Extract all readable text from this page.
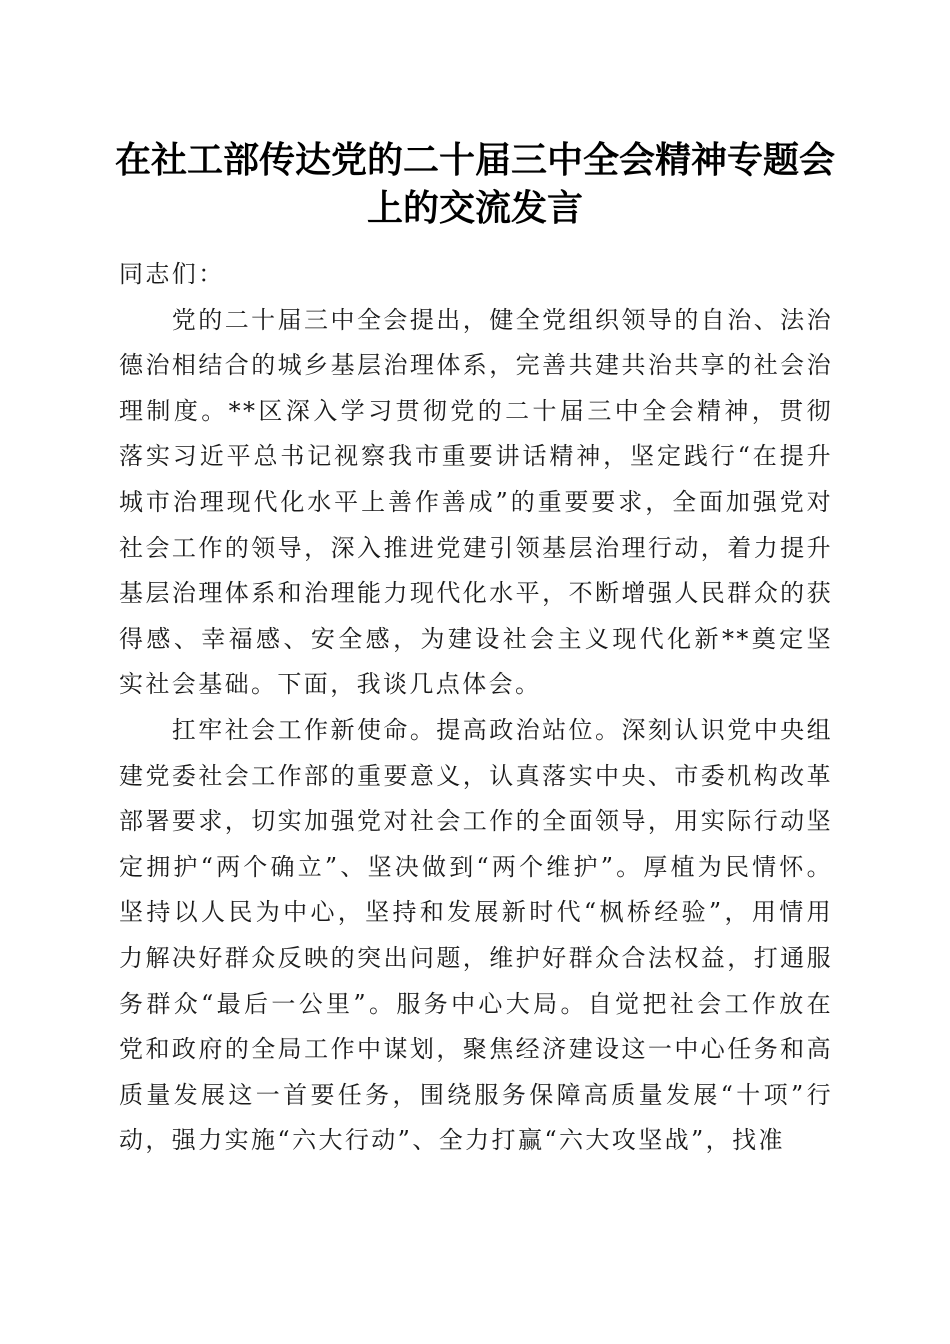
在社工部传达党的二十届三中全会精神专题会
上的交流发言

同志们：

党的二十届三中全会提出，健全党组织领导的自治、法治德治相结合的城乡基层治理体系，完善共建共治共享的社会治理制度。**区深入学习贯彻党的二十届三中全会精神，贯彻落实习近平总书记视察我市重要讲话精神，坚定践行“在提升城市治理现代化水平上善作善成”的重要要求，全面加强党对社会工作的领导，深入推进党建引领基层治理行动，着力提升基层治理体系和治理能力现代化水平，不断增强人民群众的获得感、幸福感、安全感，为建设社会主义现代化新**奠定坚实社会基础。下面，我谈几点体会。

扛牢社会工作新使命。提高政治站位。深刻认识党中央组建党委社会工作部的重要意义，认真落实中央、市委机构改革部署要求，切实加强党对社会工作的全面领导，用实际行动坚定拥护“两个确立”、坚决做到“两个维护”。厚植为民情怀。坚持以人民为中心，坚持和发展新时代“枫桥经验”，用情用力解决好群众反映的突出问题，维护好群众合法权益，打通服务群众“最后一公里”。服务中心大局。自觉把社会工作放在党和政府的全局工作中谋划，聚焦经济建设这一中心任务和高质量发展这一首要任务，围绕服务保障高质量发展“十项”行动，强力实施“六大行动”、全力打赢“六大攻坚战”，找准
